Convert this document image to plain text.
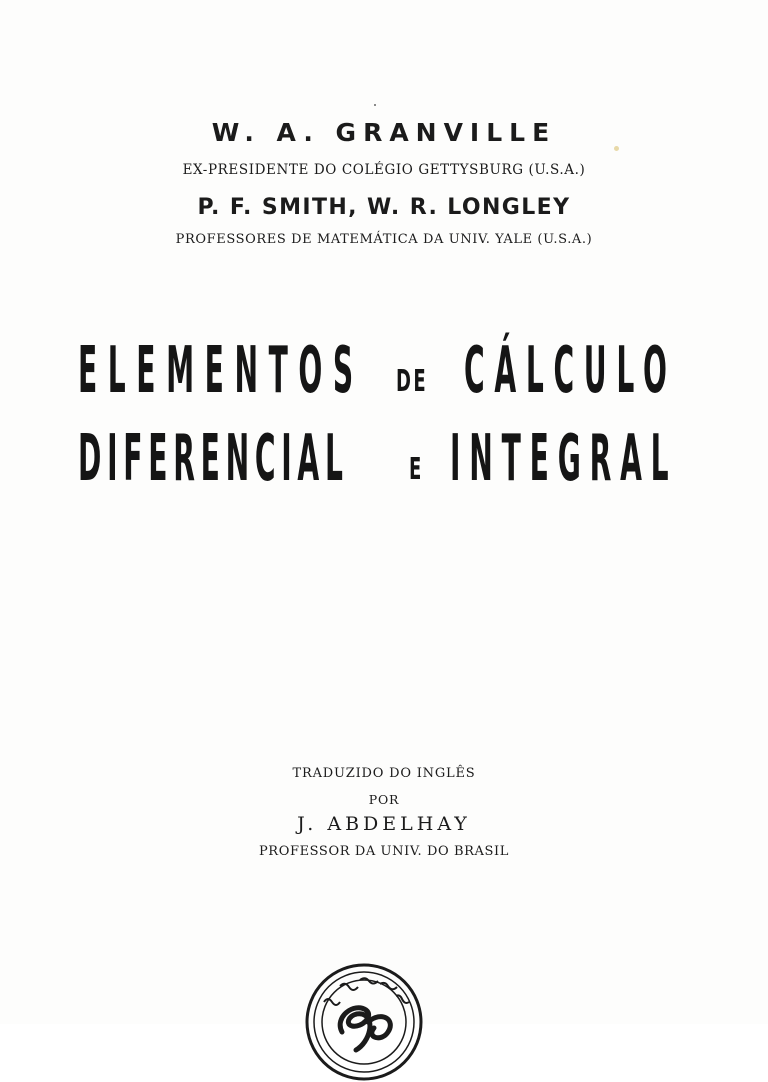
W. A. GRANVILLE
EX-PRESIDENTE DO COLÉGIO GETTYSBURG (U.S.A.)
P. F. SMITH, W. R. LONGLEY
PROFESSORES DE MATEMÁTICA DA UNIV. YALE (U.S.A.)
ELEMENTOS DE CÁLCULO
DIFERENCIAL E INTEGRAL
TRADUZIDO DO INGLÊS
POR
J. ABDELHAY
PROFESSOR DA UNIV. DO BRASIL
